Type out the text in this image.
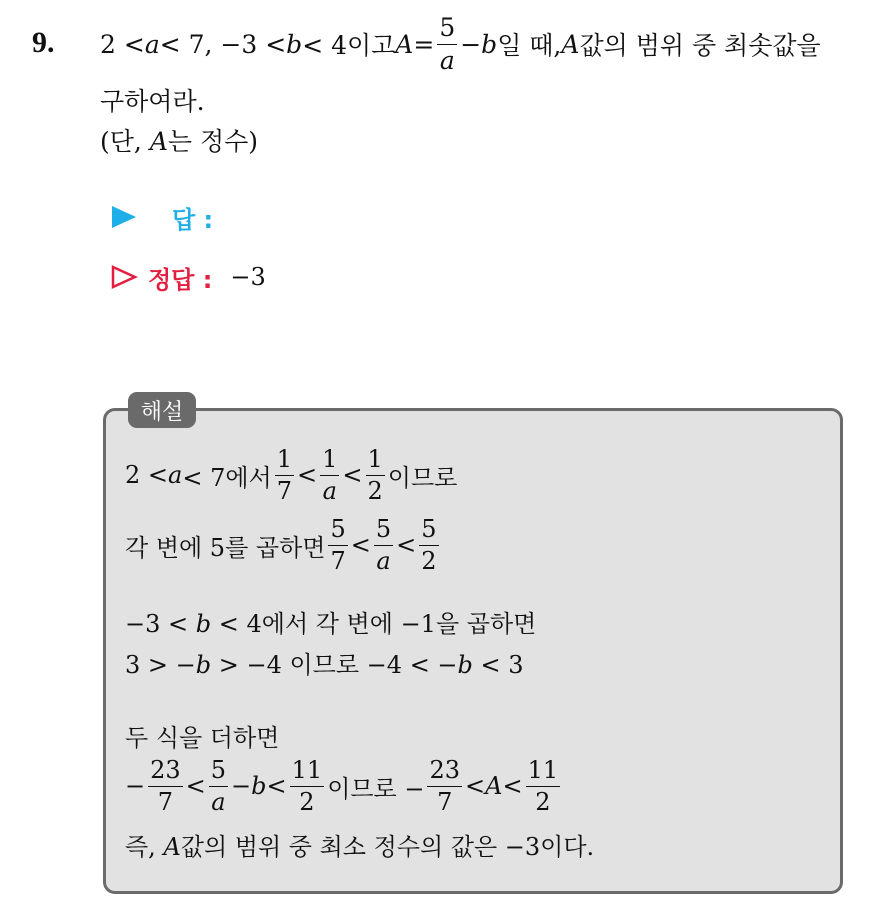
9. 2 < a < 7, −3 < b < 4이고 $A = \frac{5}{a} - b$ 일 때, A 값의 범위 중 최솟값을
구하여라.
(단, A는 정수)
답 :
정답 : −3
해설
2 < a < 7에서 $\frac{1}{7} < \frac{1}{a} < \frac{1}{2}$ 이므로
각 변에 5를 곱하면 $\frac{5}{7} < \frac{5}{a} < \frac{5}{2}$
−3 < b < 4에서 각 변에 −1을 곱하면
3 > −b > −4 이므로 −4 < −b < 3
두 식을 더하면
− $\frac{23}{7} < \frac{5}{a} - b < \frac{11}{2}$ 이므로 − $\frac{23}{7} < A < \frac{11}{2}$
즉, A값의 범위 중 최소 정수의 값은 −3이다.
